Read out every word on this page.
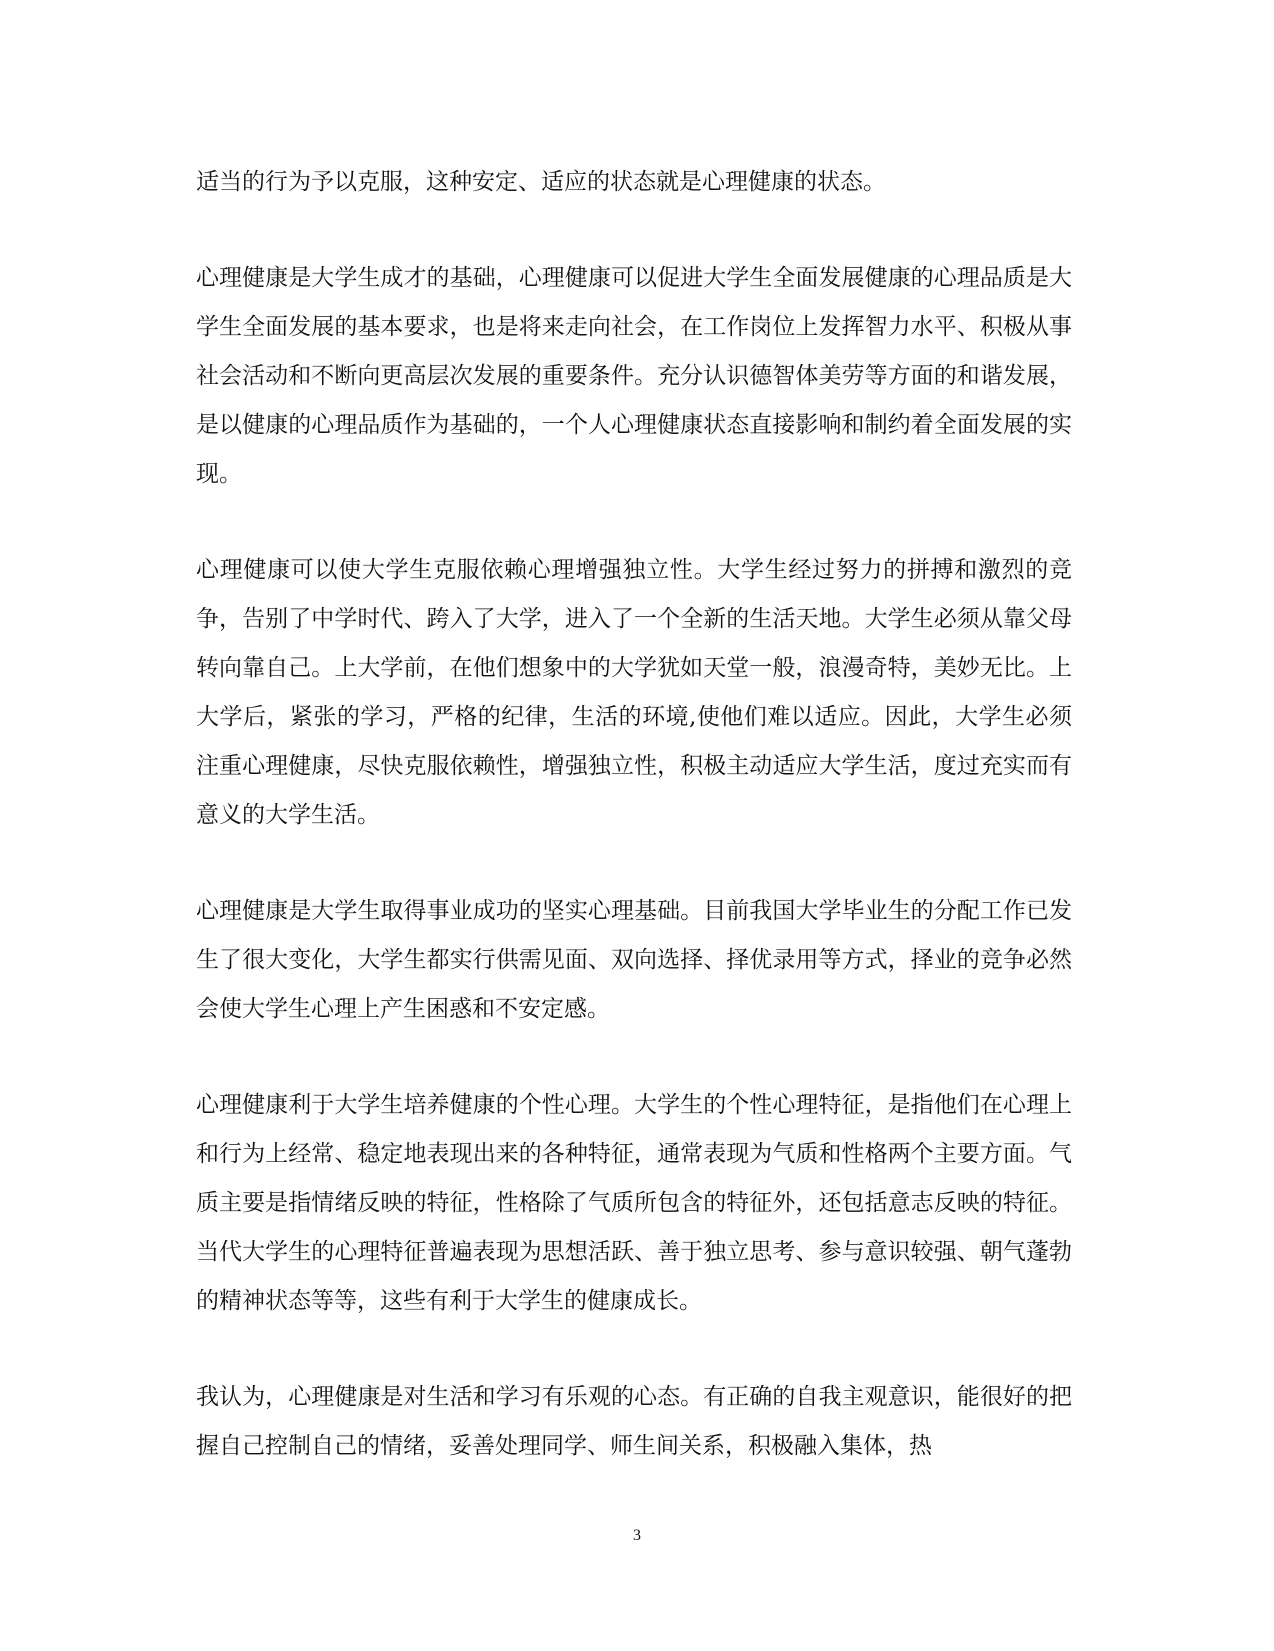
适当的行为予以克服，这种安定、适应的状态就是心理健康的状态。

心理健康是大学生成才的基础，心理健康可以促进大学生全面发展健康的心理品质是大学生全面发展的基本要求，也是将来走向社会，在工作岗位上发挥智力水平、积极从事社会活动和不断向更高层次发展的重要条件。充分认识德智体美劳等方面的和谐发展，是以健康的心理品质作为基础的，一个人心理健康状态直接影响和制约着全面发展的实现。

心理健康可以使大学生克服依赖心理增强独立性。大学生经过努力的拼搏和激烈的竞争，告别了中学时代、跨入了大学，进入了一个全新的生活天地。大学生必须从靠父母转向靠自己。上大学前，在他们想象中的大学犹如天堂一般，浪漫奇特，美妙无比。上大学后，紧张的学习，严格的纪律，生活的环境,使他们难以适应。因此，大学生必须注重心理健康，尽快克服依赖性，增强独立性，积极主动适应大学生活，度过充实而有意义的大学生活。

心理健康是大学生取得事业成功的坚实心理基础。目前我国大学毕业生的分配工作已发生了很大变化，大学生都实行供需见面、双向选择、择优录用等方式，择业的竞争必然会使大学生心理上产生困惑和不安定感。

心理健康利于大学生培养健康的个性心理。大学生的个性心理特征，是指他们在心理上和行为上经常、稳定地表现出来的各种特征，通常表现为气质和性格两个主要方面。气质主要是指情绪反映的特征，性格除了气质所包含的特征外，还包括意志反映的特征。当代大学生的心理特征普遍表现为思想活跃、善于独立思考、参与意识较强、朝气蓬勃的精神状态等等，这些有利于大学生的健康成长。

我认为，心理健康是对生活和学习有乐观的心态。有正确的自我主观意识，能很好的把握自己控制自己的情绪，妥善处理同学、师生间关系，积极融入集体，热

3
